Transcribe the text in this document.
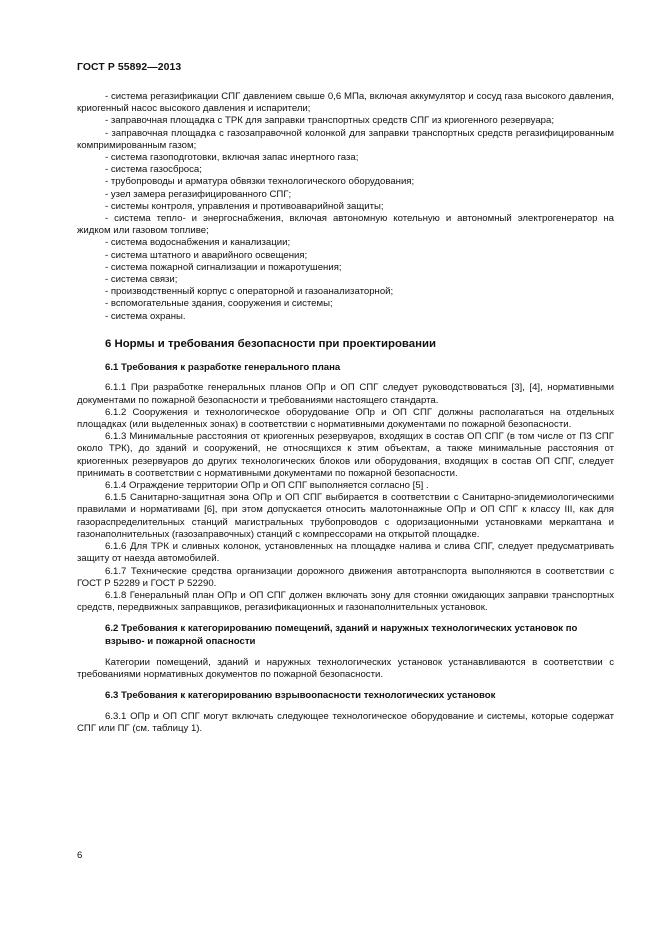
ГОСТ Р 55892—2013

- система регазификации СПГ давлением свыше 0,6 МПа, включая аккумулятор и сосуд газа высокого давления, криогенный насос высокого давления и испарители;

- заправочная площадка с ТРК для заправки транспортных средств СПГ из криогенного резервуара;

- заправочная площадка с газозаправочной колонкой для заправки транспортных средств регазифицированным компримированным газом;

- система газоподготовки, включая запас инертного газа;

- система газосброса;

- трубопроводы и арматура обвязки технологического оборудования;

- узел замера регазифицированного СПГ;

- системы контроля, управления и противоаварийной защиты;

- система тепло- и энергоснабжения, включая автономную котельную и автономный электрогенератор на жидком или газовом топливе;

- система водоснабжения и канализации;

- система штатного и аварийного освещения;

- система пожарной сигнализации и пожаротушения;

- система связи;

- производственный корпус с операторной и газоанализаторной;

- вспомогательные здания, сооружения и системы;

- система охраны.

6 Нормы и требования безопасности при проектировании

6.1 Требования к разработке генерального плана

6.1.1 При разработке генеральных планов ОПр и ОП СПГ следует руководствоваться [3], [4], нормативными документами по пожарной безопасности и требованиями настоящего стандарта.

6.1.2 Сооружения и технологическое оборудование ОПр и ОП СПГ должны располагаться на отдельных площадках (или выделенных зонах) в соответствии с нормативными документами по пожарной безопасности.

6.1.3 Минимальные расстояния от криогенных резервуаров, входящих в состав ОП СПГ (в том числе от ПЗ СПГ около ТРК), до зданий и сооружений, не относящихся к этим объектам, а также минимальные расстояния от криогенных резервуаров до других технологических блоков или оборудования, входящих в состав ОП СПГ, следует принимать в соответствии с нормативными документами по пожарной безопасности.

6.1.4 Ограждение территории ОПр и ОП СПГ выполняется согласно [5] .

6.1.5 Санитарно-защитная зона ОПр и ОП СПГ выбирается в соответствии с Санитарно-эпидемиологическими правилами и нормативами [6], при этом допускается относить малотоннажные ОПр и ОП СПГ к классу III, как для газораспределительных станций магистральных трубопроводов с одоризационными установками меркаптана и газонаполнительных (газозаправочных) станций с компрессорами на открытой площадке.

6.1.6 Для ТРК и сливных колонок, установленных на площадке налива и слива СПГ, следует предусматривать защиту от наезда автомобилей.

6.1.7 Технические средства организации дорожного движения автотранспорта выполняются в соответствии с ГОСТ Р 52289 и ГОСТ Р 52290.

6.1.8 Генеральный план ОПр и ОП СПГ должен включать зону для стоянки ожидающих заправки транспортных средств, передвижных заправщиков, регазификационных и газонаполнительных установок.

6.2 Требования к категорированию помещений, зданий и наружных технологических установок по взрыво- и пожарной опасности

Категории помещений, зданий и наружных технологических установок устанавливаются в соответствии с требованиями нормативных документов по пожарной безопасности.

6.3 Требования к категорированию взрывоопасности технологических установок

6.3.1 ОПр и ОП СПГ могут включать следующее технологическое оборудование и системы, которые содержат СПГ или ПГ (см. таблицу 1).

6
